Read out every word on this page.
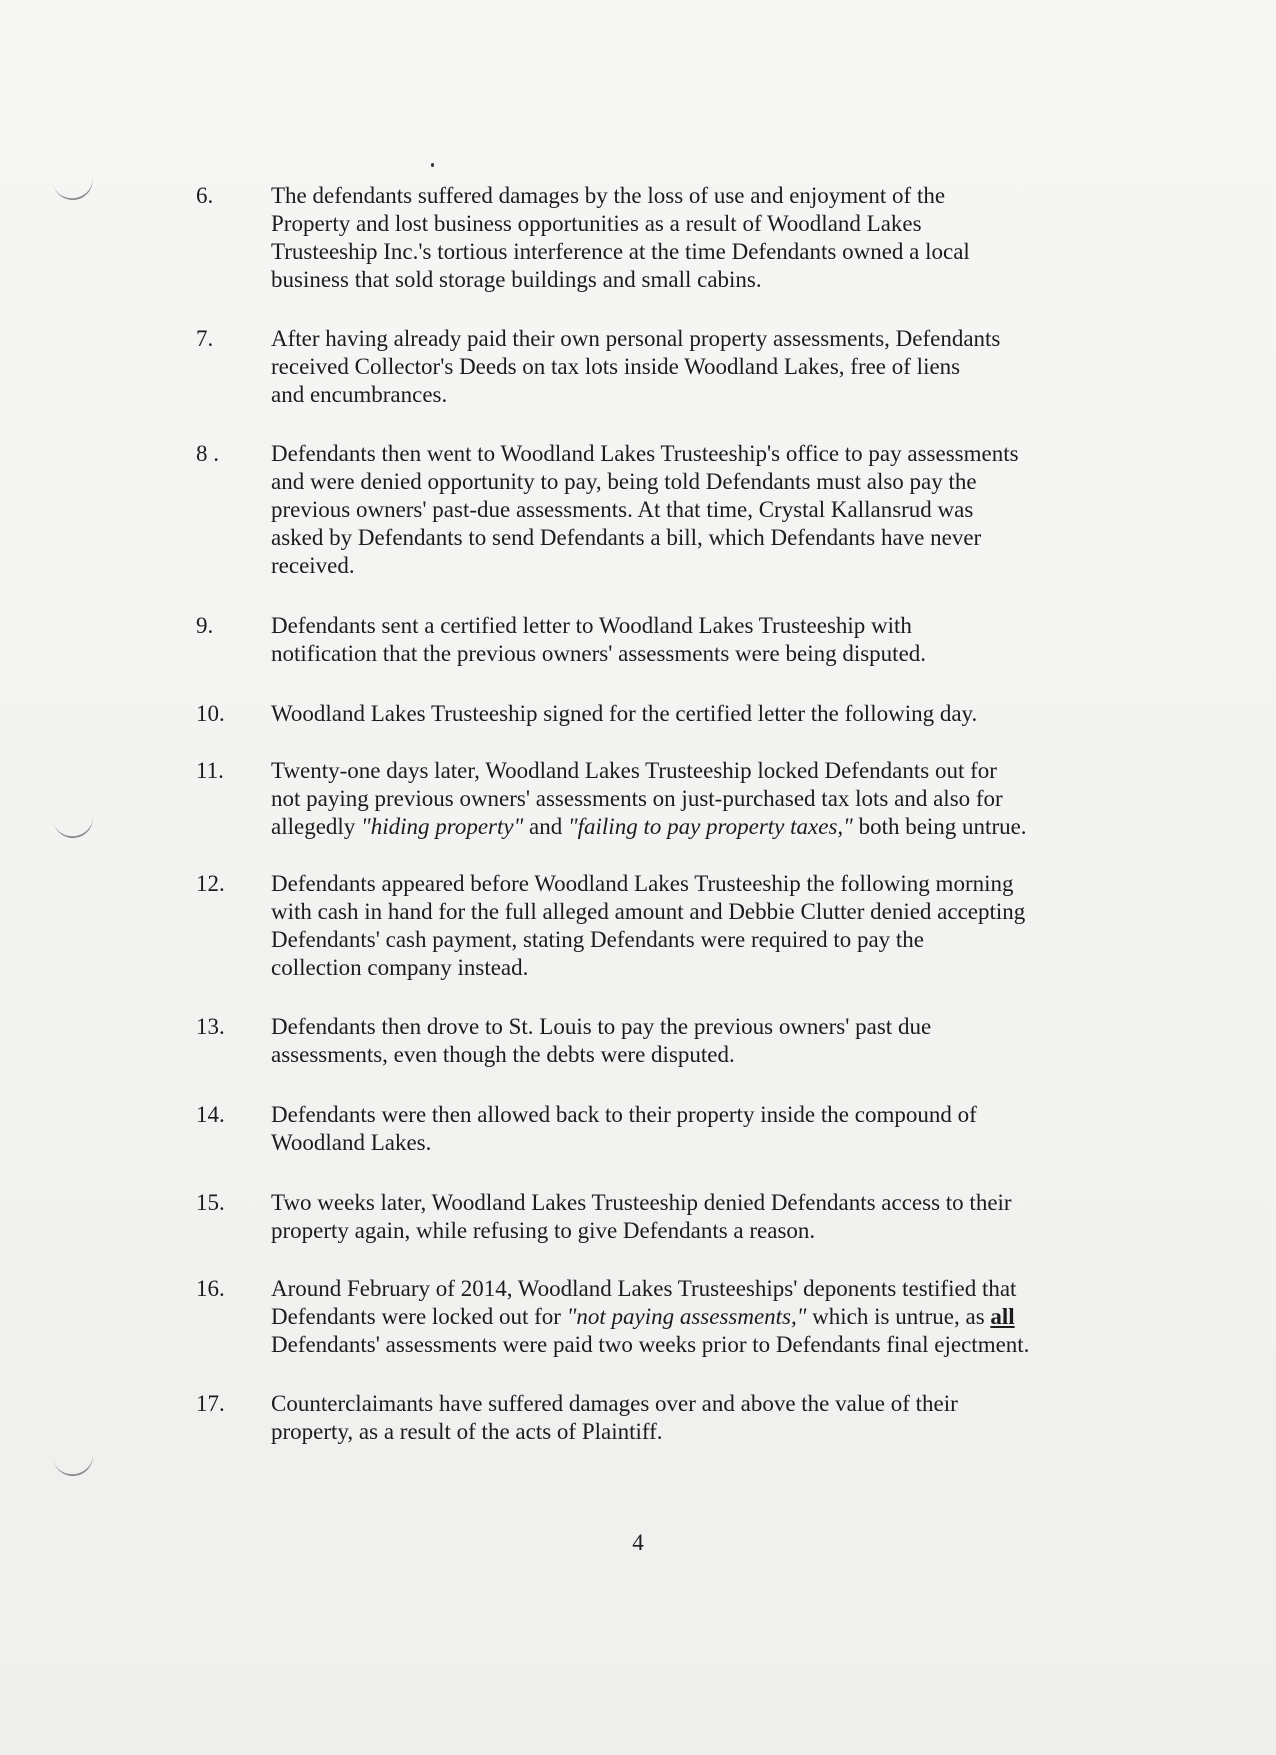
6.	The defendants suffered damages by the loss of use and enjoyment of the
Property and lost business opportunities as a result of Woodland Lakes
Trusteeship Inc.'s tortious interference at the time Defendants owned a local
business that sold storage buildings and small cabins.
7.	After having already paid their own personal property assessments, Defendants
received Collector's Deeds on tax lots inside Woodland Lakes, free of liens
and encumbrances.
8 .	Defendants then went to Woodland Lakes Trusteeship's office to pay assessments
and were denied opportunity to pay, being told Defendants must also pay the
previous owners' past-due assessments. At that time, Crystal Kallansrud was
asked by Defendants to send Defendants a bill, which Defendants have never
received.
9.	Defendants sent a certified letter to Woodland Lakes Trusteeship with
notification that the previous owners' assessments were being disputed.
10.	Woodland Lakes Trusteeship signed for the certified letter the following day.
11.	Twenty-one days later, Woodland Lakes Trusteeship locked Defendants out for
not paying previous owners' assessments on just-purchased tax lots and also for
allegedly "hiding property" and "failing to pay property taxes," both being untrue.
12.	Defendants appeared before Woodland Lakes Trusteeship the following morning
with cash in hand for the full alleged amount and Debbie Clutter denied accepting
Defendants' cash payment, stating Defendants were required to pay the
collection company instead.
13.	Defendants then drove to St. Louis to pay the previous owners' past due
assessments, even though the debts were disputed.
14.	Defendants were then allowed back to their property inside the compound of
Woodland Lakes.
15.	Two weeks later, Woodland Lakes Trusteeship denied Defendants access to their
property again, while refusing to give Defendants a reason.
16.	Around February of 2014, Woodland Lakes Trusteeships' deponents testified that
Defendants were locked out for "not paying assessments," which is untrue, as all
Defendants' assessments were paid two weeks prior to Defendants final ejectment.
17.	Counterclaimants have suffered damages over and above the value of their
property, as a result of the acts of Plaintiff.
4
